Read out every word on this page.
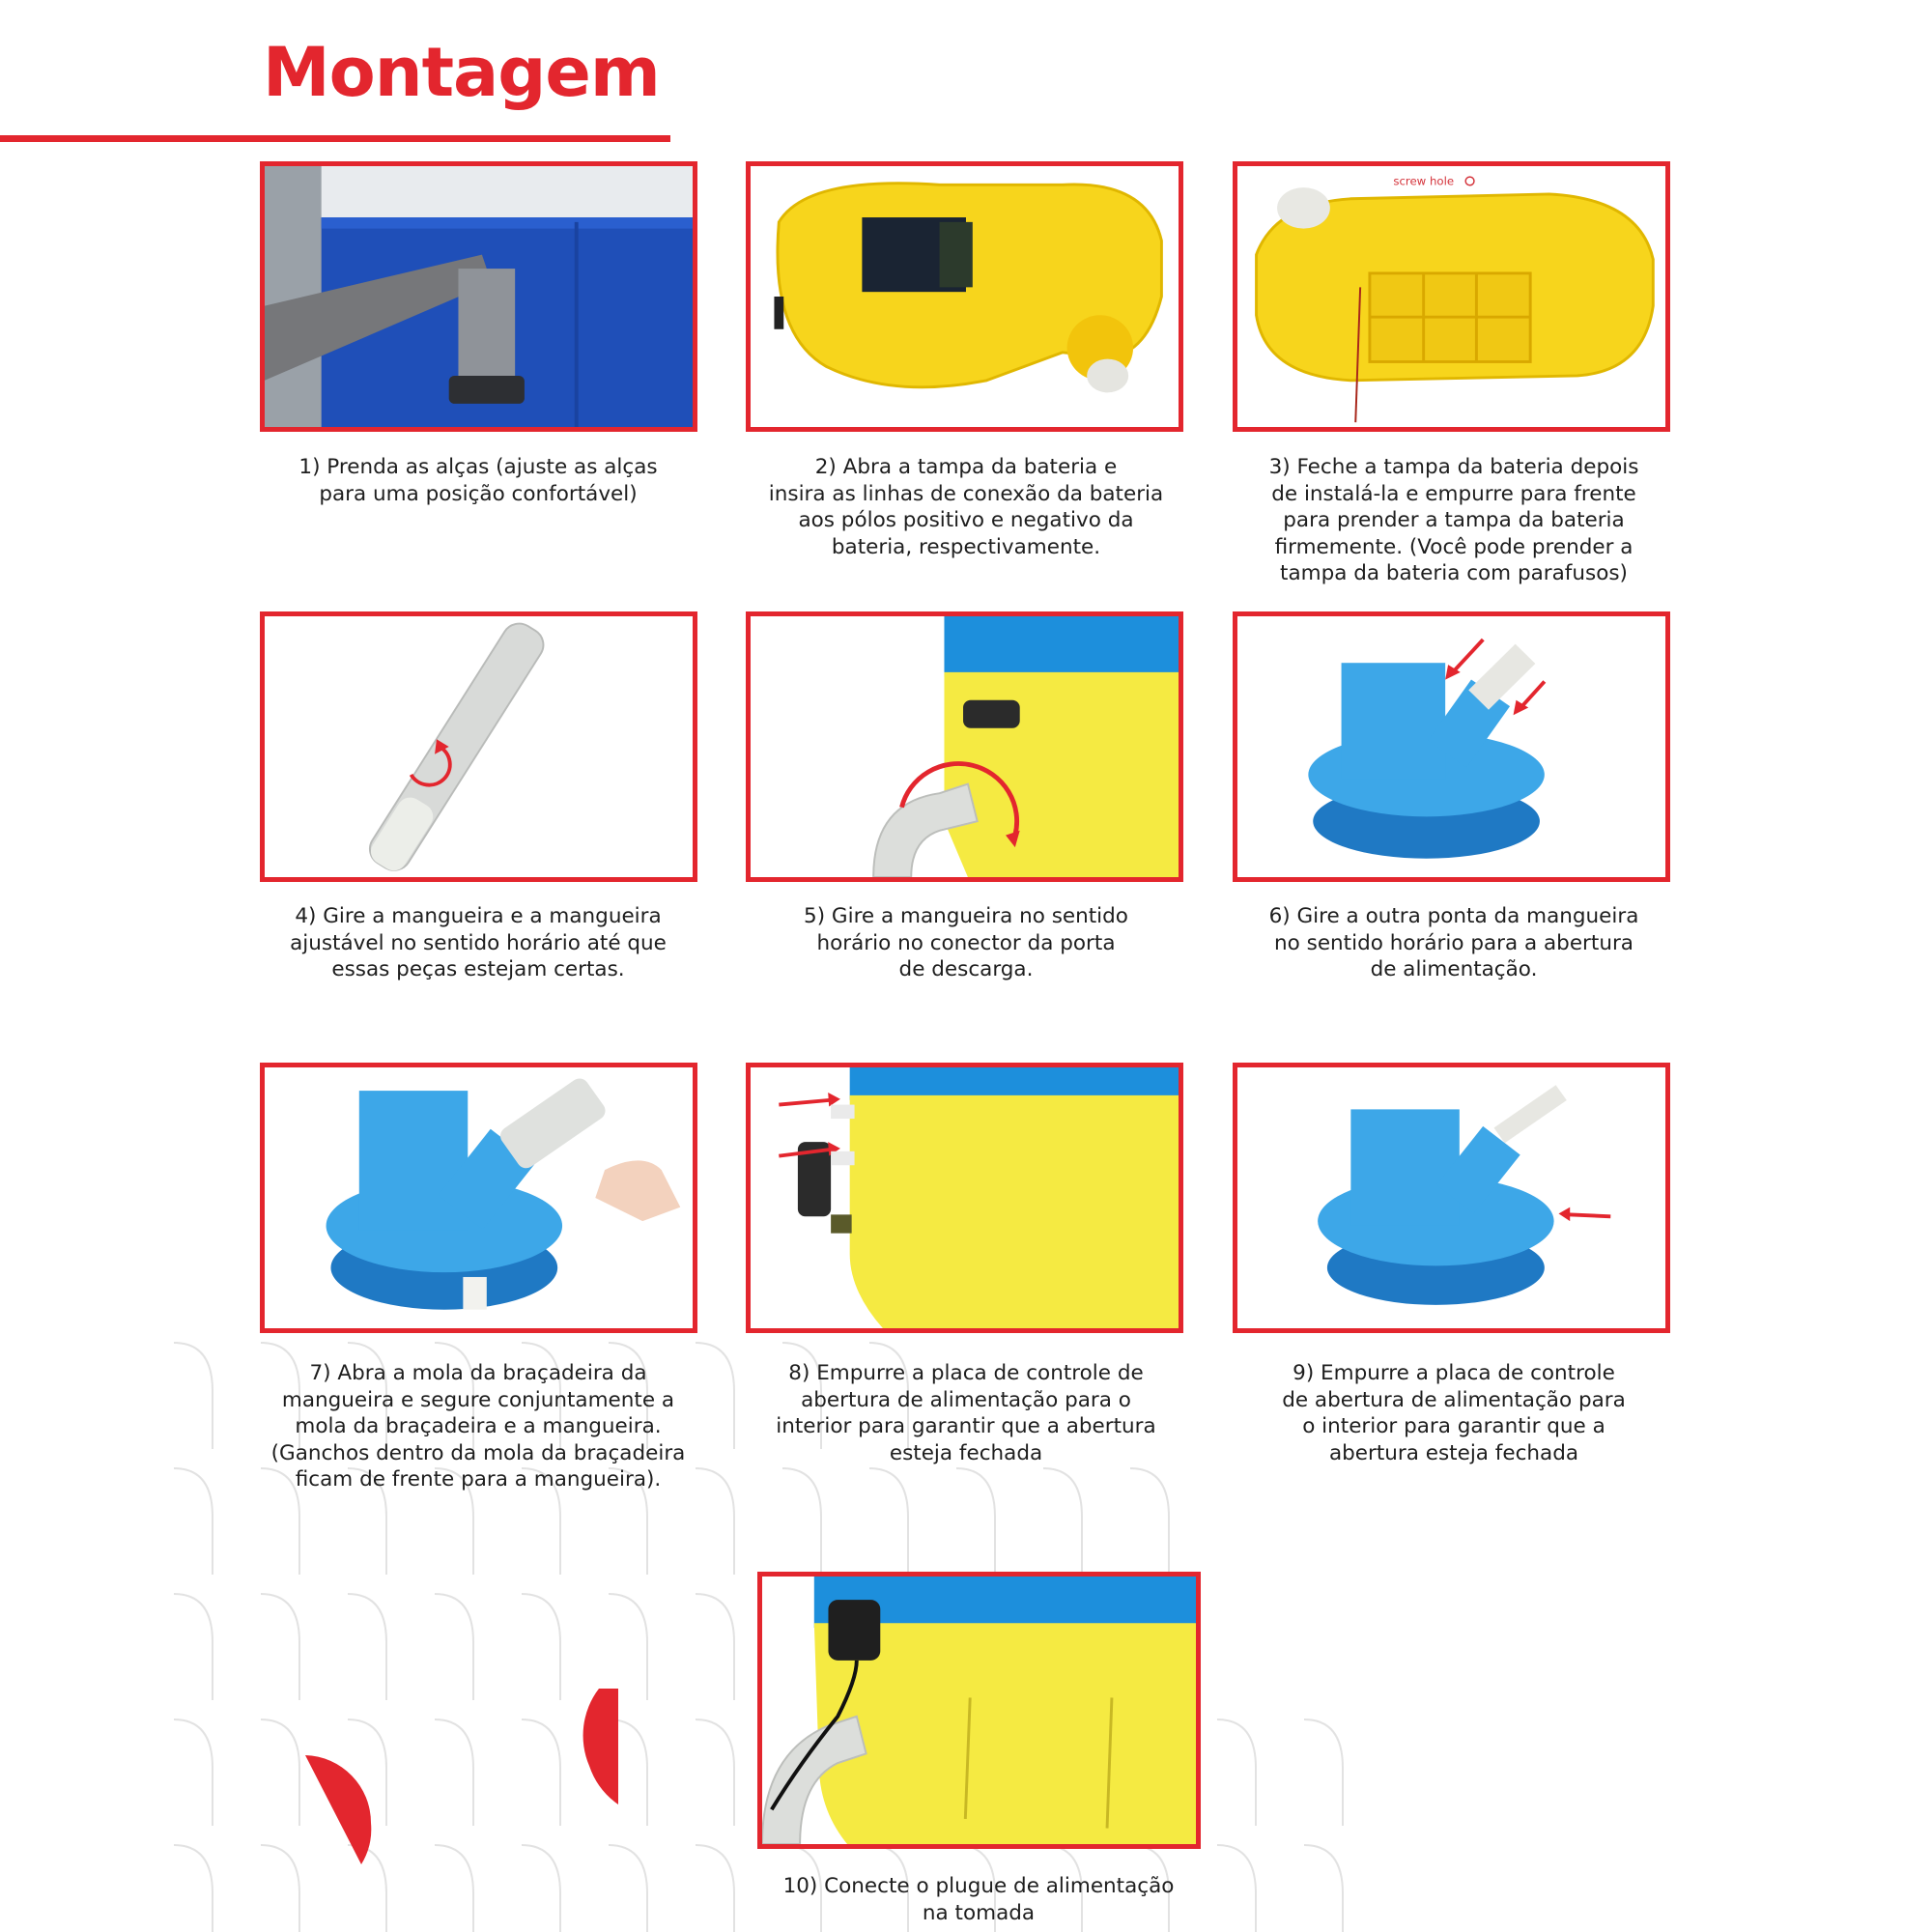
Montagem
1) Prenda as alças (ajuste as alças
para uma posição confortável)
2) Abra a tampa da bateria e
insira as linhas de conexão da bateria
aos pólos positivo e negativo da
bateria, respectivamente.
screw hole
3) Feche a tampa da bateria depois
de instalá-la e empurre para frente
para prender a tampa da bateria
firmemente. (Você pode prender a
tampa da bateria com parafusos)
4) Gire a mangueira e a mangueira
ajustável no sentido horário até que
essas peças estejam certas.
5) Gire a mangueira no sentido
horário no conector da porta
de descarga.
6) Gire a outra ponta da mangueira
no sentido horário para a abertura
de alimentação.
7) Abra a mola da braçadeira da
mangueira e segure conjuntamente a
mola da braçadeira e a mangueira.
(Ganchos dentro da mola da braçadeira
ficam de frente para a mangueira).
8) Empurre a placa de controle de
abertura de alimentação para o
interior para garantir que a abertura
esteja fechada
9) Empurre a placa de controle
de abertura de alimentação para
o interior para garantir que a
abertura esteja fechada
10) Conecte o plugue de alimentação
na tomada
